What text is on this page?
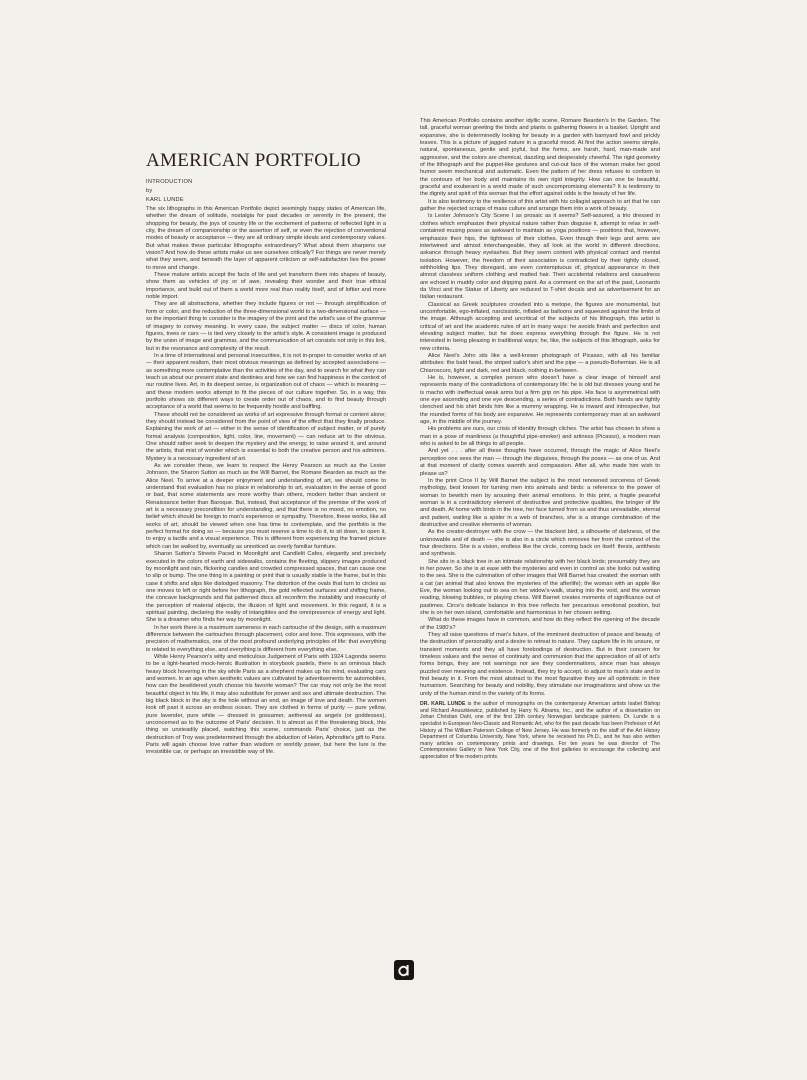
AMERICAN PORTFOLIO
INTRODUCTION
by
KARL LUNDE

The six lithographs in this American Portfolio depict seemingly happy states of American life, whether the dream of solitude, nostalgia for past decades or serenity in the present, the shopping for beauty, the joys of country life or the excitement of patterns of reflected light in a city, the dream of companionship or the assertion of self, or even the rejection of conventional modes of beauty or acceptance — they are all ordinary simple ideals and contemporary values. But what makes these particular lithographs extraordinary? What about them sharpens our vision? And how do these artists make us see ourselves critically? For things are never merely what they seem, and beneath the layer of apparent criticism or self-satisfaction lies the power to move and change.

These mature artists accept the facts of life and yet transform them into shapes of beauty, show them as vehicles of joy or of awe, revealing their wonder and their true ethical importance, and build out of them a world more real than reality itself, and of loftier and more noble import.

They are all abstractions, whether they include figures or not — through simplification of form or color, and the reduction of the three-dimensional world to a two-dimensional surface — so the important thing to consider is the imagery of the print and the artist's use of the grammar of imagery to convey meaning. In every case, the subject matter — discs of color, human figures, trees or cars — is tied very closely to the artist's style. A consistent image is produced by the union of image and grammar, and the communication of art consists not only in this link, but in the resonance and complexity of the result.

In a time of international and personal insecurities, it is not in-proper to consider works of art — their apparent realism, their most obvious meanings as defined by accepted associations — as something more contemplative than the activities of the day, and to search for what they can teach us about our present state and destinies and how we can find happiness in the context of our routine lives. Art, in its deepest sense, is organization out of chaos — which is meaning — and these modern works attempt to fit the pieces of our culture together. So, in a way, this portfolio shows six different ways to create order out of chaos, and to find beauty through acceptance of a world that seems to be frequently hostile and baffling.

These should not be considered as works of art expressive through format or content alone; they should instead be considered from the point of view of the effect that they finally produce. Explaining the work of art — either in the sense of identification of subject matter, or of purely formal analysis (composition, light, color, line, movement) — can reduce art to the obvious. One should rather seek to deepen the mystery and the energy, to raise around it, and around the artists, that mist of wonder which is essential to both the creative person and his admirers. Mystery is a necessary ingredient of art.

As we consider these, we learn to respect the Henry Pearson as much as the Lester Johnson, the Sharon Sutton as much as the Will Barnet, the Romare Bearden as much as the Alice Neel. To arrive at a deeper enjoyment and understanding of art, we should come to understand that evaluation has no place in relationship to art, evaluation in the sense of good or bad, that some statements are more worthy than others, modern better than ancient or Renaissance better than Baroque. But, instead, that acceptance of the premise of the work of art is a necessary precondition for understanding, and that there is no mood, no emotion, no belief which should be foreign to man's experience or sympathy. Therefore, these works, like all works of art, should be viewed when one has time to contemplate, and the portfolio is the perfect format for doing so — because you must reserve a time to do it, to sit down, to open it, to enjoy a tactile and a visual experience. This is different from experiencing the framed picture which can be walked by, eventually as unnoticed as overly familiar furniture.

Sharon Sutton's Streets Paced in Moonlight and Candlelit Cafes, elegantly and precisely executed in the colors of earth and sidewalks, contains the fleeting, slippery images produced by moonlight and rain, flickering candles and crowded compressed spaces, that can cause one to slip or bump. The one thing in a painting or print that is usually stable is the frame, but in this case it shifts and slips like dislodged masonry. The distortion of the ovals that turn to circles as one moves to left or right before her lithograph, the gold reflected surfaces and shifting frame, the concave backgrounds and flat patterned discs all reconfirm the instability and insecurity of the perception of material objects, the illusion of light and movement. In this regard, it is a spiritual painting, declaring the reality of intangibles and the omnipresence of energy and light. She is a dreamer who finds her way by moonlight.

In her work there is a maximum sameness in each cartouche of the design, with a maximum difference between the cartouches through placement, color and tone. This expresses, with the precision of mathematics, one of the most profound underlying principles of life: that everything is related to everything else, and everything is different from everything else.

While Henry Pearson's witty and meticulous Judgement of Paris with 1924 Lagonda seems to be a light-hearted mock-heroic illustration in storybook pastels, there is an ominous black heavy block hovering in the sky while Paris as a shepherd makes up his mind, evaluating cars and women. In an age when aesthetic values are cultivated by advertisements for automobiles, how can the bewildered youth choose his favorite woman? The car may not only be the most beautiful object in his life, it may also substitute for power and sex and ultimate destruction. The big black block in the sky is the hole without an end, an image of love and death. The women look off past it across an endless ocean. They are clothed in forms of purity — pure yellow, pure lavender, pure white — dressed in gossamer, aethereal as angels (or goddesses), unconcerned as to the outcome of Paris' decision. It is almost as if the threatening block, this thing so unsteadily placed, watching this scene, commands Paris' choice, just as the destruction of Troy was predetermined through the abduction of Helen, Aphrodite's gift to Paris. Paris will again choose love rather than wisdom or worldly power, but here the lure is the irresistible car, or perhaps an irresistible way of life.

This American Portfolio contains another idyllic scene, Romare Bearden's In the Garden. The tall, graceful woman greeting the birds and plants is gathering flowers in a basket. Upright and expansive, she is determinedly looking for beauty in a garden with barnyard fowl and prickly leaves. This is a picture of jagged nature in a graceful mood. At first the action seems simple, natural, spontaneous, gentle and joyful, but the forms, are harsh, hard, man-made and aggressive, and the colors are chemical, dazzling and desperately cheerful. The rigid geometry of the lithograph and the puppet-like gestures and cut-out face of the woman make her good humor seem mechanical and automatic. Even the pattern of her dress refuses to conform to the contours of her body and maintains its own rigid integrity. How can one be beautiful, graceful and exuberant in a world made of such uncompromising elements? It is testimony to the dignity and spirit of this woman that the effort against odds is the beauty of her life.

It is also testimony to the resilience of this artist with his collagist approach to art that he can gather the rejected scraps of mass culture and arrange them into a work of beauty.

Is Lester Johnson's City Scene I as prosaic as it seems? Self-assured, a trio dressed in clothes which emphasize their physical nature rather than disguise it, attempt to relax in self-contained musing poses as awkward to maintain as yoga positions — positions that, however, emphasize their hips, the tightness of their clothes. Even though their legs and arms are intertwined and almost interchangeable, they all look at the world in different directions, askance through heavy eyelashes. But they seem content with physical contact and mental isolation. However, the freedom of their association is contradicted by their tightly closed, withholding lips. They disregard, are even contemptuous of, physical appearance in their almost classless uniform clothing and matted hair. Their accidental relations and casualness are echoed in muddy color and dripping paint. As a comment on the art of the past, Leonardo da Vinci and the Statue of Liberty are reduced to T-shirt decals and as advertisement for an Italian restaurant.

Classical as Greek sculptures crowded into a metope, the figures are monumental, but uncomfortable, ego-inflated, narcissistic, inflated as balloons and squeezed against the limits of the image. Although accepting and uncritical of the subjects of his lithograph, this artist is critical of art and the academic rules of art in many ways: he avoids finish and perfection and elevating subject matter, but he does express everything through the figure. He is not interested in being pleasing in traditional ways; he, like, the subjects of this lithograph, asks for new criteria.

Alice Neel's John sits like a well-known photograph of Picasso, with all his familiar attributes: the bald head, the striped sailor's shirt and the pipe — a pseudo-Bohemian. He is all Chiaroscuro, light and dark, red and black, nothing in-between.

He is, however, a complex person who doesn't have a clear image of himself and represents many of the contradictions of contemporary life: he is old but dresses young and he is macho with ineffectual weak arms but a firm grip on his pipe. His face is asymmetrical with one eye ascending and one eye descending, a series of contradictions. Both hands are tightly clenched and his shirt binds him like a mummy wrapping. He is inward and introspective, but the rounded forms of his body are expansive. He represents contemporary man at an awkward age, in the middle of the journey.

His problems are ours, our crisis of identity through cliches. The artist has chosen to show a man in a pose of manliness (a thoughtful pipe-smoker) and artiness (Picasso), a modern man who is asked to be all things to all people.

And yet . . . after all these thoughts have occurred, through the magic of Alice Neel's perception one sees the man — through the disguises, through the poses — as one of us. And at that moment of clarity comes warmth and compassion. After all, who made him wish to please us?

In the print Circe II by Will Barnet the subject is the most renowned sorceress of Greek mythology, best known for turning men into animals and birds: a reference to the power of woman to bewitch men by arousing their animal emotions. In this print, a fragile peaceful woman is in a contradictory element of destructive and protective qualities, the bringer of life and death. At home with birds in the tree, her face turned from us and thus unreadable, eternal and patient, waiting like a spider in a web of branches, she is a strange combination of the destructive and creative elements of woman.

As the creator-destroyer with the crow — the blackest bird, a silhouette of darkness, of the unknowable and of death — she is also in a circle which removes her from the context of the four directions. She is a vision, endless like the circle, coming back on itself: thesis, antithesis and synthesis.

She sits in a black tree in an intimate relationship with her black birds; presumably they are in her power. So she is at ease with the mysteries and even in control as she looks out waiting to the sea. She is the culmination of other images that Will Barnet has created: the woman with a cat (an animal that also knows the mysteries of the afterlife); the woman with an apple like Eve, the woman looking out to sea on her widow's-walk, staring into the void, and the woman reading, blowing bubbles, or playing chess. Will Barnet creates moments of significance out of pastimes. Circe's delicate balance in this tree reflects her precarious emotional position, but she is on her own island, comfortable and harmonious in her chosen setting.

What do these images have in common, and how do they reflect the opening of the decade of the 1980's?

They all raise questions of man's future, of the imminent destruction of peace and beauty, of the destruction of personality and a desire to retreat to nature. They capture life in its unsure, or transient moments and they all have forebodings of destruction. But in their concern for timeless values and the sense of continuity and communion that the appreciation of all of art's forms brings, they are not warnings nor are they condemnations, since man has always puzzled over meaning and existence. Instead, they try to accept, to adjust to man's state and to find beauty in it. From the most abstract to the most figurative they are all optimistic in their humanism. Searching for beauty and nobility, they stimulate our imaginations and show us the unity of the human mind in the variety of its forms.

DR. KARL LUNDE is the author of monographs on the contemporary American artists Isabel Bishop and Richard Anuszkiewicz, published by Harry N. Abrams, Inc., and the author of a dissertation on Johan Christian Dahl, one of the first 19th century Norwegian landscape painters. Dr. Lunde is a specialist in European Neo-Classic and Romantic Art, who for the past decade has been Professor of Art History at The William Paterson College of New Jersey. He was formerly on the staff of the Art History Department of Columbia University, New York, where he received his Ph.D., and he has also written many articles on contemporary prints and drawings. For ten years he was director of The Contemporaries Gallery in New York City, one of the first galleries to encourage the collecting and appreciation of fine modern prints.
